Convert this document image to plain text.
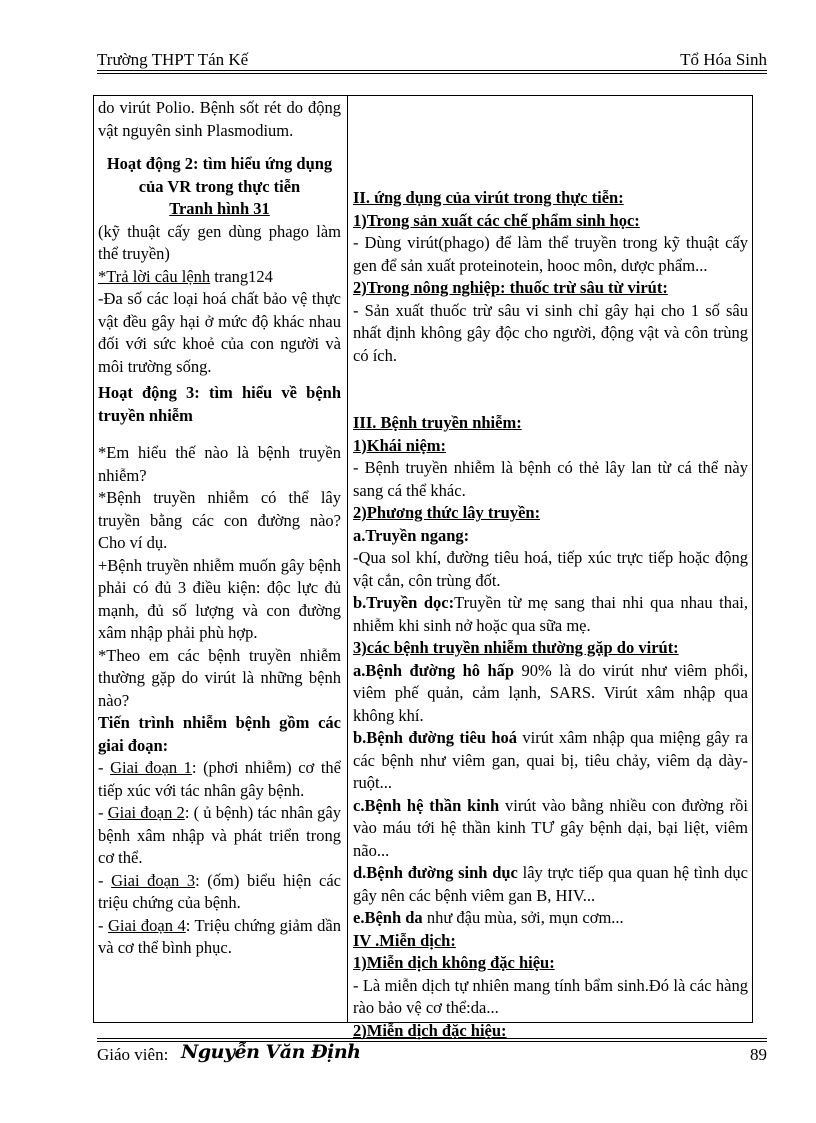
Trường THPT Tán Kế	Tổ Hóa Sinh

do virút Polio. Bệnh sốt rét do động vật nguyên sinh Plasmodium.

Hoạt động 2: tìm hiểu ứng dụng của VR trong thực tiễn

Tranh hình 31

(kỹ thuật cấy gen dùng phago làm thể truyền)

*Trả lời câu lệnh trang124

-Đa số các loại hoá chất bảo vệ thực vật đều gây hại ở mức độ khác nhau đối với sức khoẻ của con người và môi trường sống.

Hoạt động 3: tìm hiểu về bệnh truyền nhiễm

*Em hiểu thế nào là bệnh truyền nhiễm?

*Bệnh truyền nhiễm có thể lây truyền bằng các con đường nào? Cho ví dụ.

+Bệnh truyền nhiễm muốn gây bệnh phải có đủ 3 điều kiện: độc lực đủ mạnh, đủ số lượng và con đường xâm nhập phải phù hợp.

*Theo em các bệnh truyền nhiễm thường gặp do virút là những bệnh nào?

Tiến trình nhiễm bệnh gồm các giai đoạn:

- Giai đoạn 1: (phơi nhiễm) cơ thể tiếp xúc với tác nhân gây bệnh.

- Giai đoạn 2: ( ủ bệnh) tác nhân gây bệnh xâm nhập và phát triển trong cơ thể.

- Giai đoạn 3: (ốm) biểu hiện các triệu chứng của bệnh.

- Giai đoạn 4: Triệu chứng giảm dần và cơ thể bình phục.

II. ứng dụng của virút trong thực tiễn:

1)Trong sản xuất các chế phẩm sinh học:

- Dùng virút(phago) để làm thể truyền trong kỹ thuật cấy gen để sản xuất proteinotein, hooc môn, dược phẩm...

2)Trong nông nghiệp: thuốc trừ sâu từ virút:

- Sản xuất thuốc trừ sâu vi sinh chỉ gây hại cho 1 số sâu nhất định không gây độc cho người, động vật và côn trùng có ích.

III. Bệnh truyền nhiễm:

1)Khái niệm:

- Bệnh truyền nhiễm là bệnh có thẻ lây lan từ cá thể này sang cá thể khác.

2)Phương thức lây truyền:

a.Truyền ngang:

-Qua sol khí, đường tiêu hoá, tiếp xúc trực tiếp hoặc động vật cắn, côn trùng đốt.

b.Truyền dọc:Truyền từ mẹ sang thai nhi qua nhau thai, nhiễm khi sinh nở hoặc qua sữa mẹ.

3)các bệnh truyền nhiễm thường gặp do virút:

a.Bệnh đường hô hấp 90% là do virút như viêm phổi, viêm phế quản, cảm lạnh, SARS. Virút xâm nhập qua không khí.

b.Bệnh đường tiêu hoá virút xâm nhập qua miệng gây ra các bệnh như viêm gan, quai bị, tiêu chảy, viêm dạ dày-ruột...

c.Bệnh hệ thần kinh virút vào bằng nhiều con đường rồi vào máu tới hệ thần kinh TƯ gây bệnh dại, bại liệt, viêm não...

d.Bệnh đường sinh dục lây trực tiếp qua quan hệ tình dục gây nên các bệnh viêm gan B, HIV...

e.Bệnh da như đậu mùa, sởi, mụn cơm...

IV .Miễn dịch:

1)Miễn dịch không đặc hiệu:

- Là miễn dịch tự nhiên mang tính bẩm sinh.Đó là các hàng rào bảo vệ cơ thể:da...

2)Miễn dịch đặc hiệu:

Giáo viên: Nguyễn Văn Định	89
